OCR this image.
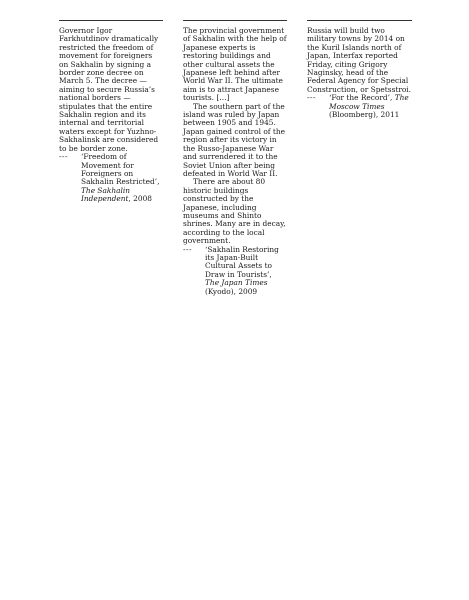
Governor Igor Farkhutdinov dramatically restricted the freedom of movement for foreigners on Sakhalin by signing a border zone decree on March 5. The decree — aiming to secure Russia’s national borders — stipulates that the entire Sakhalin region and its internal and territorial waters except for Yuzhno-Sakhalinsk are considered to be border zone.

---	‘Freedom of Movement for Foreigners on Sakhalin Restricted’, The Sakhalin Independent, 2008

The provincial government of Sakhalin with the help of Japanese experts is restoring buildings and other cultural assets the Japanese left behind after World War II. The ultimate aim is to attract Japanese tourists. […]

The southern part of the island was ruled by Japan between 1905 and 1945. Japan gained control of the region after its victory in the Russo-Japanese War and surrendered it to the Soviet Union after being defeated in World War II.

There are about 80 historic buildings constructed by the Japanese, including museums and Shinto shrines. Many are in decay, according to the local government.

---	‘Sakhalin Restoring its Japan-Built Cultural Assets to Draw in Tourists’, The Japan Times (Kyodo), 2009

Russia will build two military towns by 2014 on the Kuril Islands north of Japan, Interfax reported Friday, citing Grigory Naginsky, head of the Federal Agency for Special Construction, or Spetsstroi.

---	‘For the Record’, The Moscow Times (Bloomberg), 2011
